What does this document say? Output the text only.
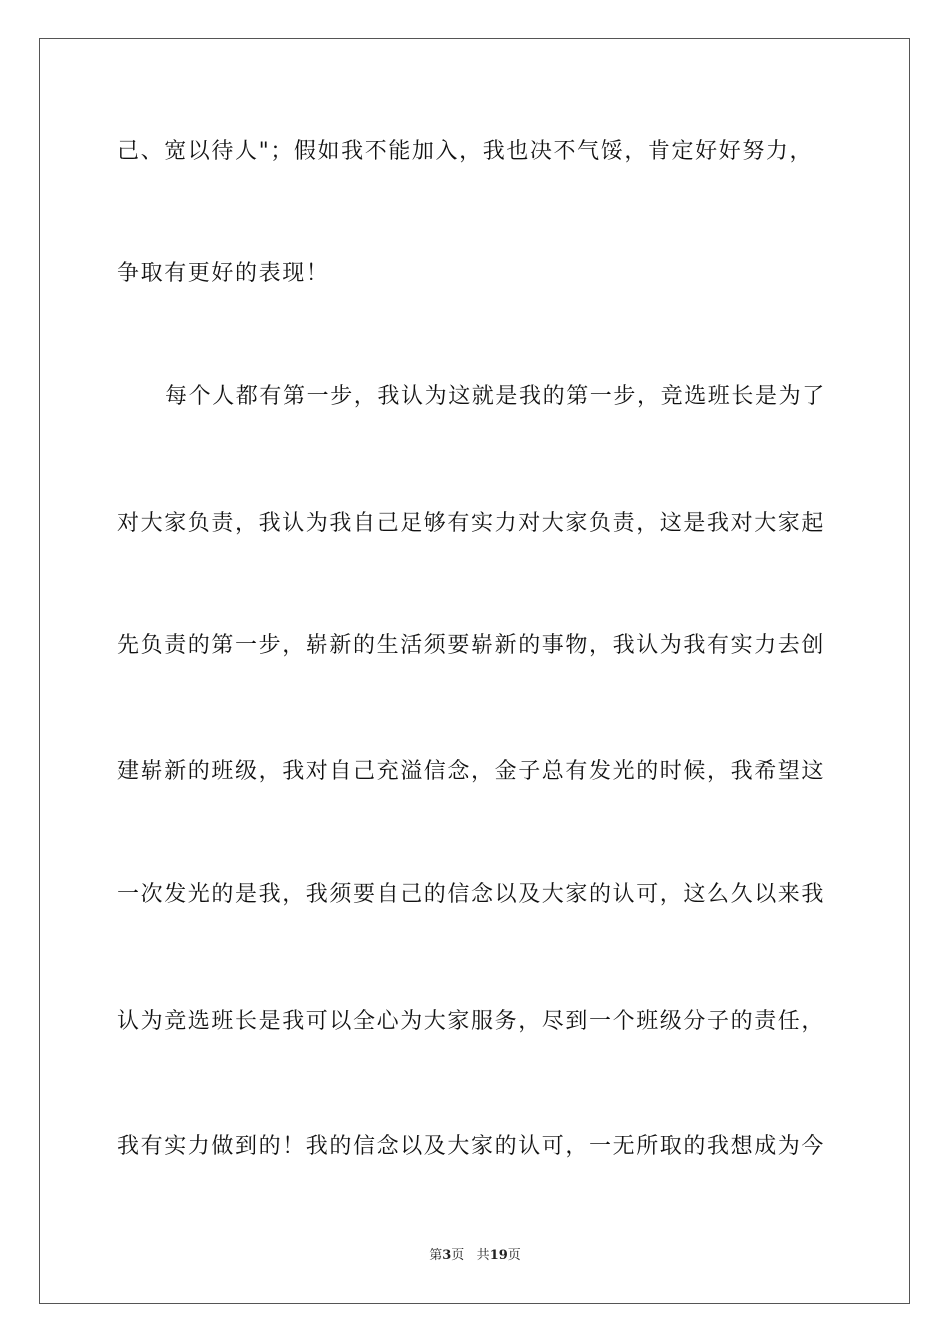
己、宽以待人"；假如我不能加入，我也决不气馁，肯定好好努力，
争取有更好的表现！
每个人都有第一步，我认为这就是我的第一步，竞选班长是为了
对大家负责，我认为我自己足够有实力对大家负责，这是我对大家起
先负责的第一步，崭新的生活须要崭新的事物，我认为我有实力去创
建崭新的班级，我对自己充溢信念，金子总有发光的时候，我希望这
一次发光的是我，我须要自己的信念以及大家的认可，这么久以来我
认为竞选班长是我可以全心为大家服务，尽到一个班级分子的责任，
我有实力做到的！我的信念以及大家的认可，一无所取的我想成为今
第3页 共19页
